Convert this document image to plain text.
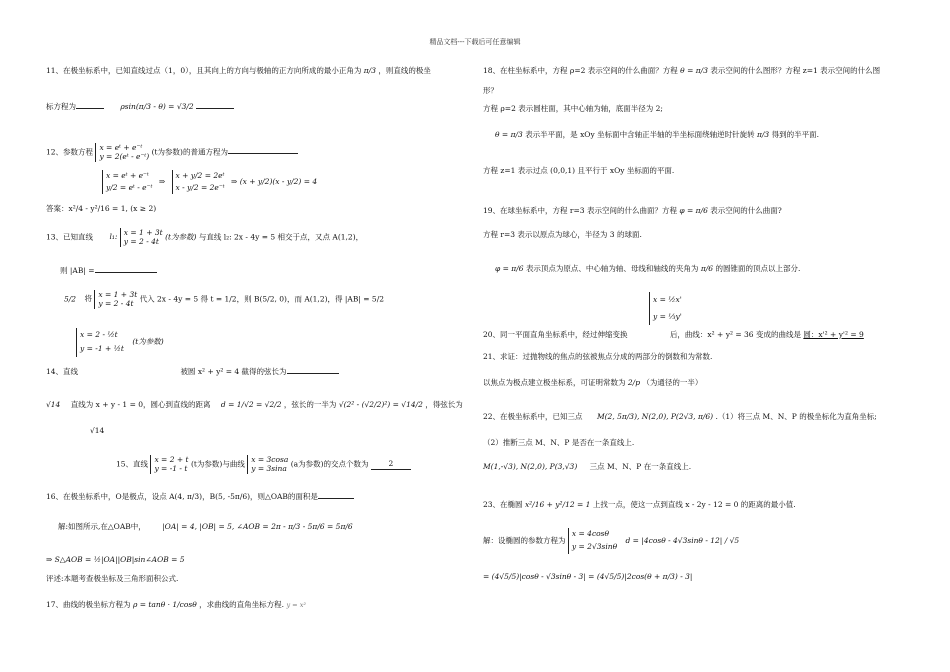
精品文档---下载后可任意编辑
11、在极坐标系中，已知直线过点（1，0），且其向上的方向与极轴的正方向所成的最小正角为 π/3 ，则直线的极坐
标方程为	ρsin(π/3 - θ) = √3/2
12、参数方程 x = eᵗ + e⁻ᵗ
y = 2(eᵗ - e⁻ᵗ)
(t为参数)的普通方程为
x = eᵗ + e⁻ᵗ
y/2 = eᵗ - e⁻ᵗ
⇒
x + y/2 = 2eᵗ
x - y/2 = 2e⁻ᵗ
⇒ (x + y/2)(x - y/2) = 4
答案：x²/4 - y²/16 = 1, (x ≥ 2)
13、已知直线 l₁: x = 1 + 3t
y = 2 - 4t
(t为参数) 与直线 l₂: 2x - 4y = 5 相交于点，又点 A(1,2)，
则 |AB| =
5/2 将 x = 1 + 3t
y = 2 - 4t
代入 2x - 4y = 5 得 t = 1/2，则 B(5/2, 0)，而 A(1,2)，得 |AB| = 5/2
x = 2 - ½t
y = -1 + ½t
(t为参数)
14、直线	被圆 x² + y² = 4 截得的弦长为
√14 直线为 x + y - 1 = 0，圆心到直线的距离 d = 1/√2 = √2/2 ，弦长的一半为 √(2² - (√2/2)²) = √14/2 ，得弦长为
√14
15、直线 x = 2 + t
y = -1 - t
(t为参数)与曲线 x = 3cosa
y = 3sina
(a为参数)的交点个数为	2
16、在极坐标系中，O是极点，设点 A(4, π/3)，B(5, -5π/6)，则△OAB的面积是
解:如图所示,在△OAB中， |OA| = 4, |OB| = 5, ∠AOB = 2π - π/3 - 5π/6 = 5π/6
⇒ S△AOB = ½|OA||OB|sin∠AOB = 5
评述:本题考查极坐标及三角形面积公式.
17、曲线的极坐标方程为 ρ = tanθ · 1/cosθ ，求曲线的直角坐标方程. y = x²
18、在柱坐标系中，方程 ρ=2 表示空间的什么曲面？方程 θ = π/3 表示空间的什么图形？方程 z=1 表示空间的什么图
形？
方程 ρ=2 表示圆柱面，其中心轴为轴，底面半径为 2;
θ = π/3 表示半平面，是 xOy 坐标面中含轴正半轴的半坐标面绕轴逆时针旋转 π/3 得到的半平面.
方程 z=1 表示过点 (0,0,1) 且平行于 xOy 坐标面的平面.
19、在球坐标系中，方程 r=3 表示空间的什么曲面？方程 φ = π/6 表示空间的什么曲面?
方程 r=3 表示以原点为球心，半径为 3 的球面.
φ = π/6 表示顶点为原点、中心轴为轴、母线和轴线的夹角为 π/6 的圆锥面的顶点以上部分.
x = ½x'
y = ⅓y'
20、同一平面直角坐标系中，经过伸缩变换	后，曲线：x² + y² = 36 变成的曲线是 圆：x'² + y'² = 9
21、求证：过抛物线的焦点的弦被焦点分成的两部分的倒数和为常数.
以焦点为极点建立极坐标系，可证明常数为 2/p （为通径的一半）
22、在极坐标系中，已知三点 M(2, 5π/3), N(2,0), P(2√3, π/6) .（1）将三点 M、N、P 的极坐标化为直角坐标;
（2）推断三点 M、N、P 是否在一条直线上.
M(1,-√3), N(2,0), P(3,√3) 三点 M、N、P 在一条直线上.
23、在椭圆 x²/16 + y²/12 = 1 上找一点，使这一点到直线 x - 2y - 12 = 0 的距离的最小值.
解：设椭圆的参数方程为
x = 4cosθ
y = 2√3sinθ
d = |4cosθ - 4√3sinθ - 12| / √5
= (4√5/5)|cosθ - √3sinθ - 3| = (4√5/5)|2cos(θ + π/3) - 3|
